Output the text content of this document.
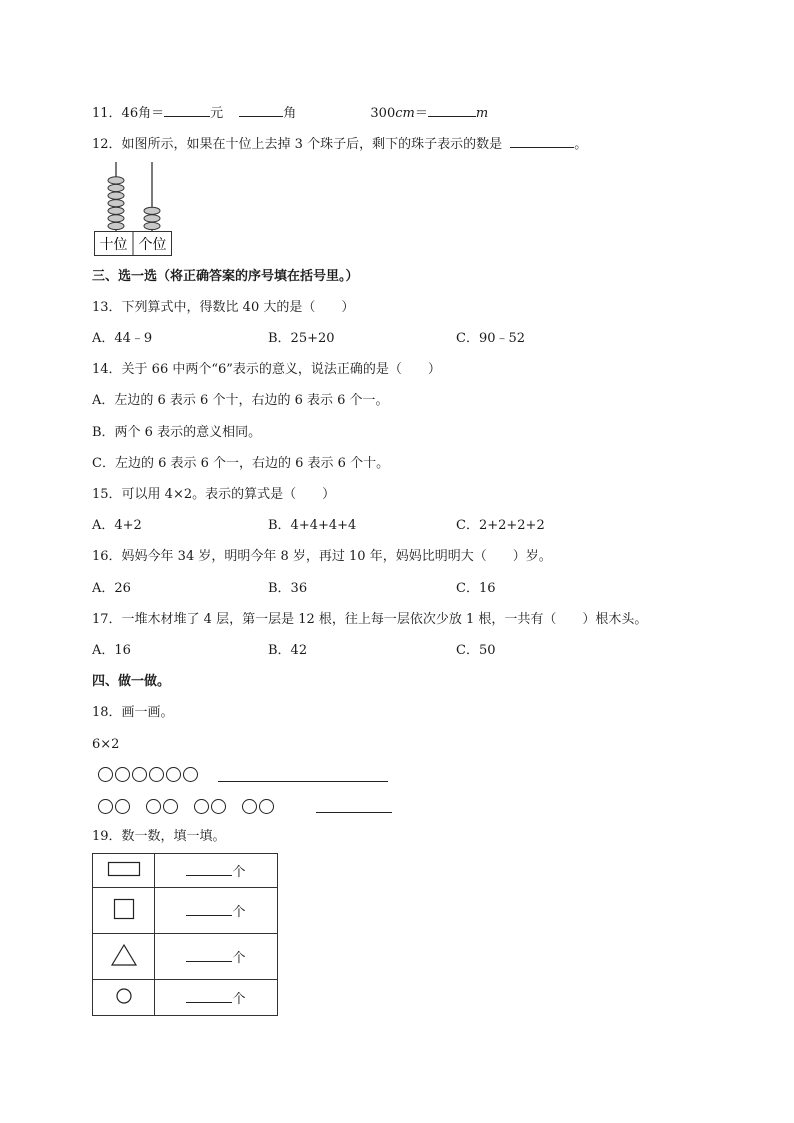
11．46角＝	元	角	300cm＝	m
12．如图所示，如果在十位上去掉 3 个珠子后，剩下的珠子表示的数是	。
十位 个位
三、选一选（将正确答案的序号填在括号里。）
13．下列算式中，得数比 40 大的是（　　）
A．44﹣9	B．25+20	C．90﹣52
14．关于 66 中两个“6”表示的意义，说法正确的是（　　）
A．左边的 6 表示 6 个十，右边的 6 表示 6 个一。
B．两个 6 表示的意义相同。
C．左边的 6 表示 6 个一，右边的 6 表示 6 个十。
15．可以用 4×2。表示的算式是（　　）
A．4+2	B．4+4+4+4	C．2+2+2+2
16．妈妈今年 34 岁，明明今年 8 岁，再过 10 年，妈妈比明明大（　　）岁。
A．26	B．36	C．16
17．一堆木材堆了 4 层，第一层是 12 根，往上每一层依次少放 1 根，一共有（　　）根木头。
A．16	B．42	C．50
四、做一做。
18．画一画。
6×2
19．数一数，填一填。
	个
	个
	个
	个
